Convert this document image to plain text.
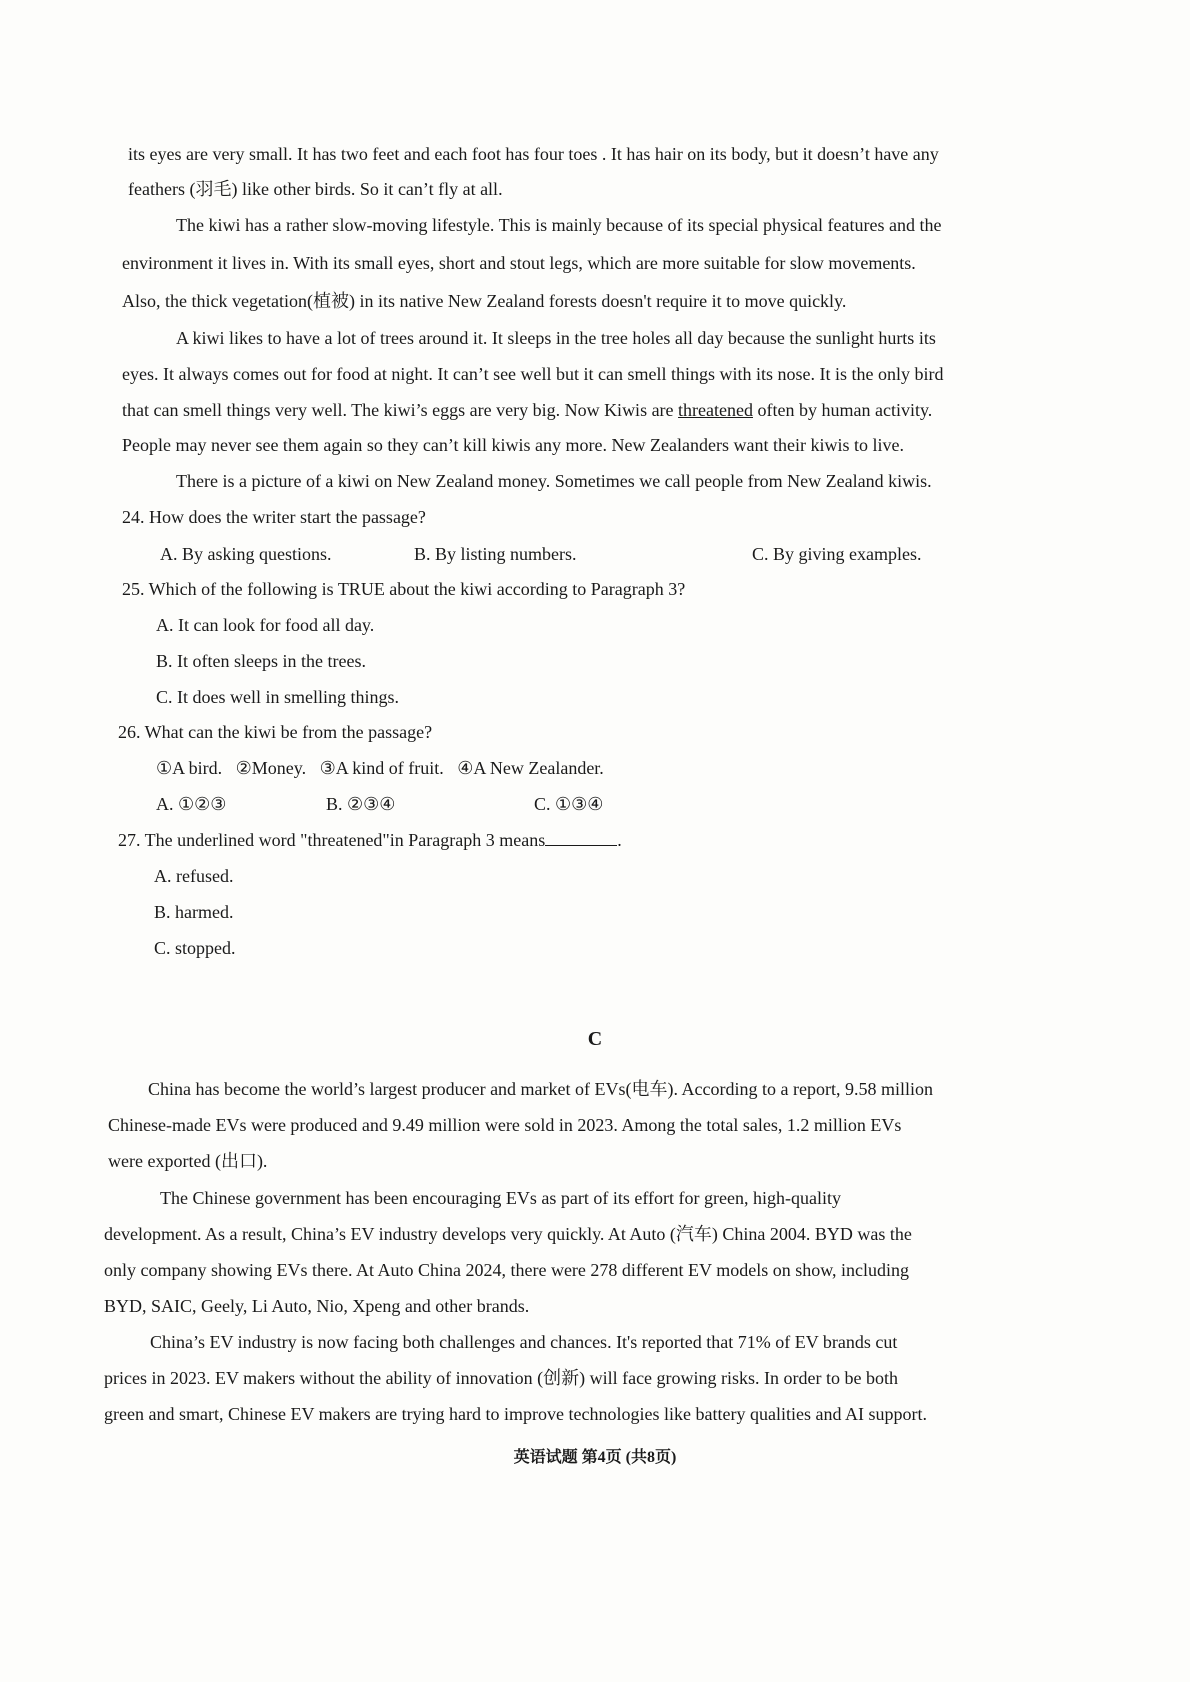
its eyes are very small. It has two feet and each foot has four toes . It has hair on its body, but it doesn’t have any
feathers (羽毛) like other birds. So it can’t fly at all.
The kiwi has a rather slow-moving lifestyle. This is mainly because of its special physical features and the
environment it lives in. With its small eyes, short and stout legs, which are more suitable for slow movements.
Also, the thick vegetation(植被) in its native New Zealand forests doesn't require it to move quickly.
A kiwi likes to have a lot of trees around it. It sleeps in the tree holes all day because the sunlight hurts its
eyes. It always comes out for food at night. It can’t see well but it can smell things with its nose. It is the only bird
that can smell things very well. The kiwi’s eggs are very big. Now Kiwis are threatened often by human activity.
People may never see them again so they can’t kill kiwis any more. New Zealanders want their kiwis to live.
There is a picture of a kiwi on New Zealand money. Sometimes we call people from New Zealand kiwis.
24. How does the writer start the passage?
A. By asking questions.	B. By listing numbers.	C. By giving examples.
25. Which of the following is TRUE about the kiwi according to Paragraph 3?
A. It can look for food all day.
B. It often sleeps in the trees.
C. It does well in smelling things.
26. What can the kiwi be from the passage?
①A bird.   ②Money.   ③A kind of fruit.   ④A New Zealander.
A. ①②③	B. ②③④	C. ①③④
27. The underlined word "threatened"in Paragraph 3 means	.
A. refused.
B. harmed.
C. stopped.
C
China has become the world’s largest producer and market of EVs(电车). According to a report, 9.58 million
Chinese-made EVs were produced and 9.49 million were sold in 2023. Among the total sales, 1.2 million EVs
were exported (出口).
The Chinese government has been encouraging EVs as part of its effort for green, high-quality
development. As a result, China’s EV industry develops very quickly. At Auto (汽车) China 2004. BYD was the
only company showing EVs there. At Auto China 2024, there were 278 different EV models on show, including
BYD, SAIC, Geely, Li Auto, Nio, Xpeng and other brands.
China’s EV industry is now facing both challenges and chances. It's reported that 71% of EV brands cut
prices in 2023. EV makers without the ability of innovation (创新) will face growing risks. In order to be both
green and smart, Chinese EV makers are trying hard to improve technologies like battery qualities and AI support.
英语试题 第4页 (共8页)
